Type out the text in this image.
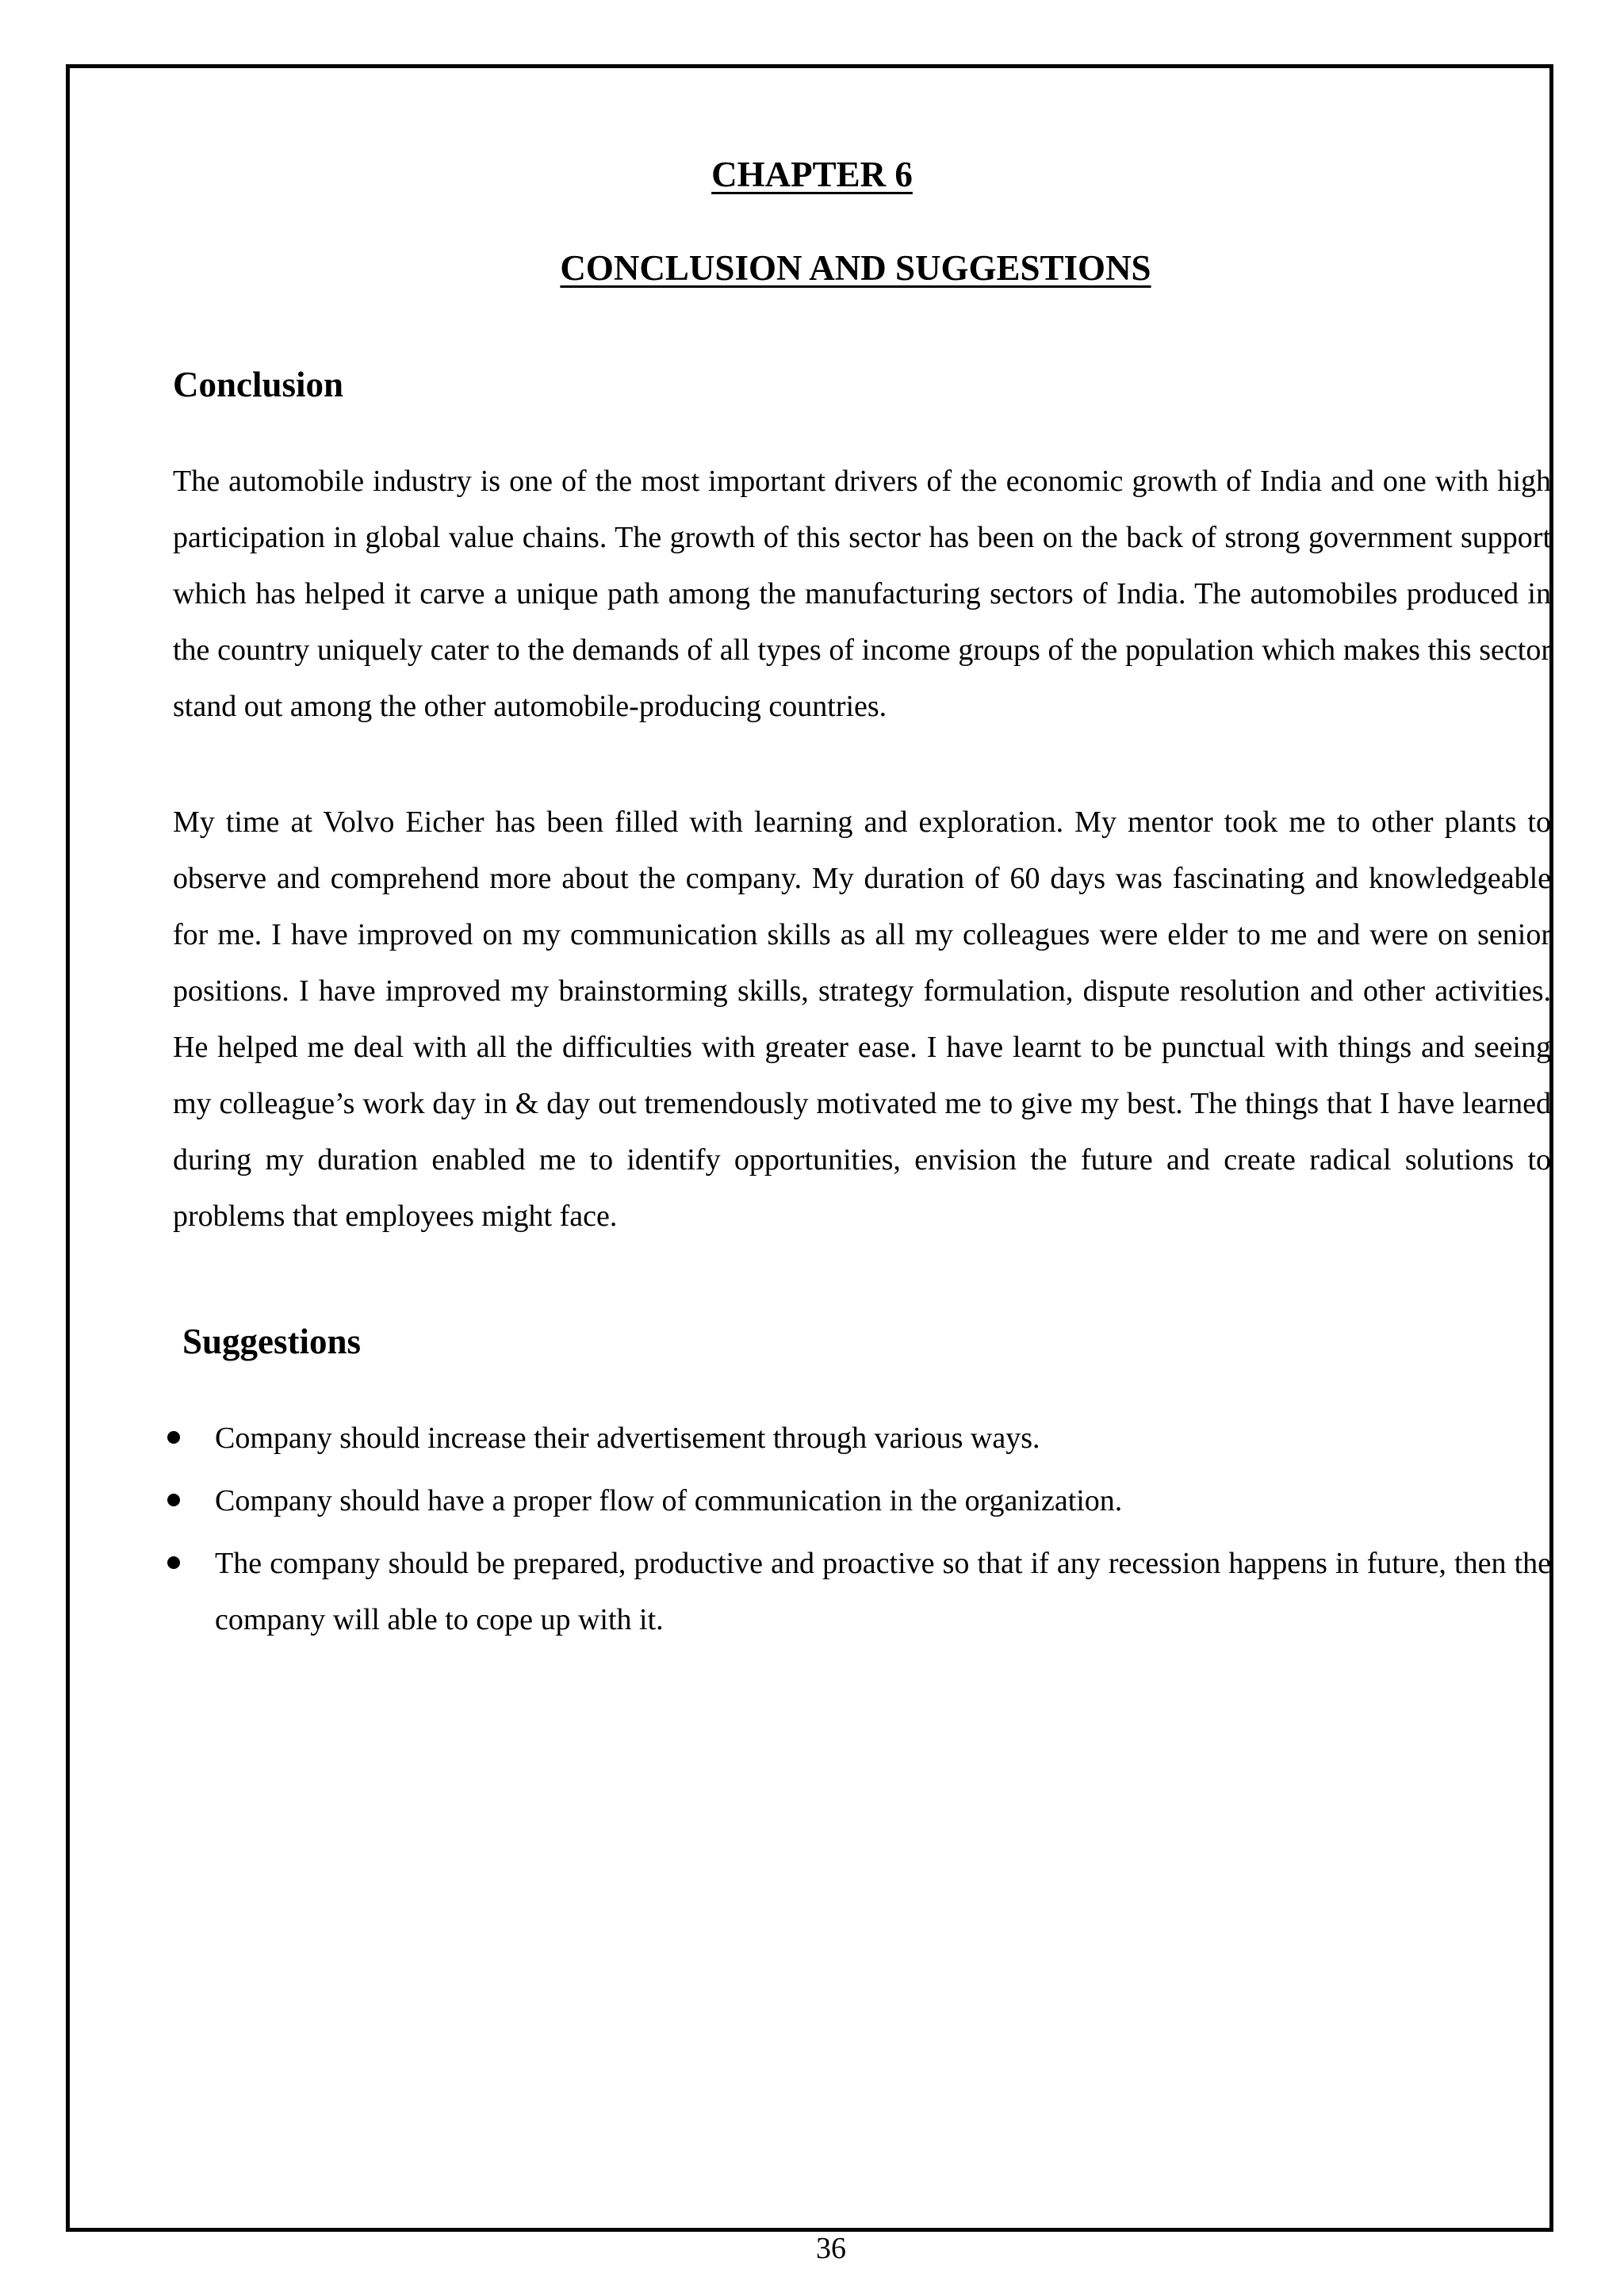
CHAPTER 6
CONCLUSION AND SUGGESTIONS
Conclusion

The automobile industry is one of the most important drivers of the economic growth of India and one with high participation in global value chains. The growth of this sector has been on the back of strong government support which has helped it carve a unique path among the manufacturing sectors of India. The automobiles produced in the country uniquely cater to the demands of all types of income groups of the population which makes this sector stand out among the other automobile-producing countries.

My time at Volvo Eicher has been filled with learning and exploration. My mentor took me to other plants to observe and comprehend more about the company. My duration of 60 days was fascinating and knowledgeable for me. I have improved on my communication skills as all my colleagues were elder to me and were on senior positions. I have improved my brainstorming skills, strategy formulation, dispute resolution and other activities. He helped me deal with all the difficulties with greater ease. I have learnt to be punctual with things and seeing my colleague’s work day in & day out tremendously motivated me to give my best. The things that I have learned during my duration enabled me to identify opportunities, envision the future and create radical solutions to problems that employees might face.

Suggestions
Company should increase their advertisement through various ways.
Company should have a proper flow of communication in the organization.
The company should be prepared, productive and proactive so that if any recession happens in future, then the company will able to cope up with it.
36
